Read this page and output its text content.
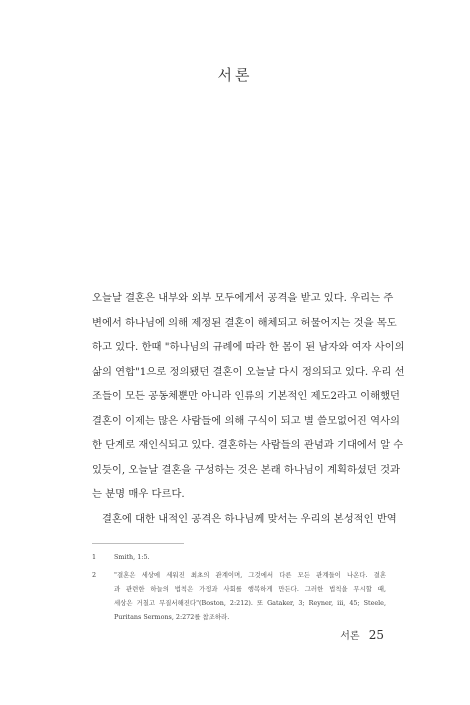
서론
오늘날 결혼은 내부와 외부 모두에게서 공격을 받고 있다. 우리는 주
변에서 하나님에 의해 제정된 결혼이 해체되고 허물어지는 것을 목도
하고 있다. 한때 "하나님의 규례에 따라 한 몸이 된 남자와 여자 사이의
삶의 연합"1으로 정의됐던 결혼이 오늘날 다시 정의되고 있다. 우리 선
조들이 모든 공동체뿐만 아니라 인류의 기본적인 제도2라고 이해했던
결혼이 이제는 많은 사람들에 의해 구식이 되고 별 쓸모없어진 역사의
한 단계로 재인식되고 있다. 결혼하는 사람들의 관념과 기대에서 알 수
있듯이, 오늘날 결혼을 구성하는 것은 본래 하나님이 계획하셨던 것과
는 분명 매우 다르다.
결혼에 대한 내적인 공격은 하나님께 맞서는 우리의 본성적인 반역
1	Smith, 1:5.
2	"결혼은 세상에 세워진 최초의 관계이며, 그것에서 다른 모든 관계들이 나온다. 결혼
과 관련한 하늘의 법칙은 가정과 사회를 행복하게 만든다. 그러한 법칙을 무시할 때,
세상은 거칠고 무질서해진다"(Boston, 2:212). 또 Gataker, 3; Reyner, iii, 45; Steele,
Puritans Sermons, 2:272를 참조하라.
서론 25
